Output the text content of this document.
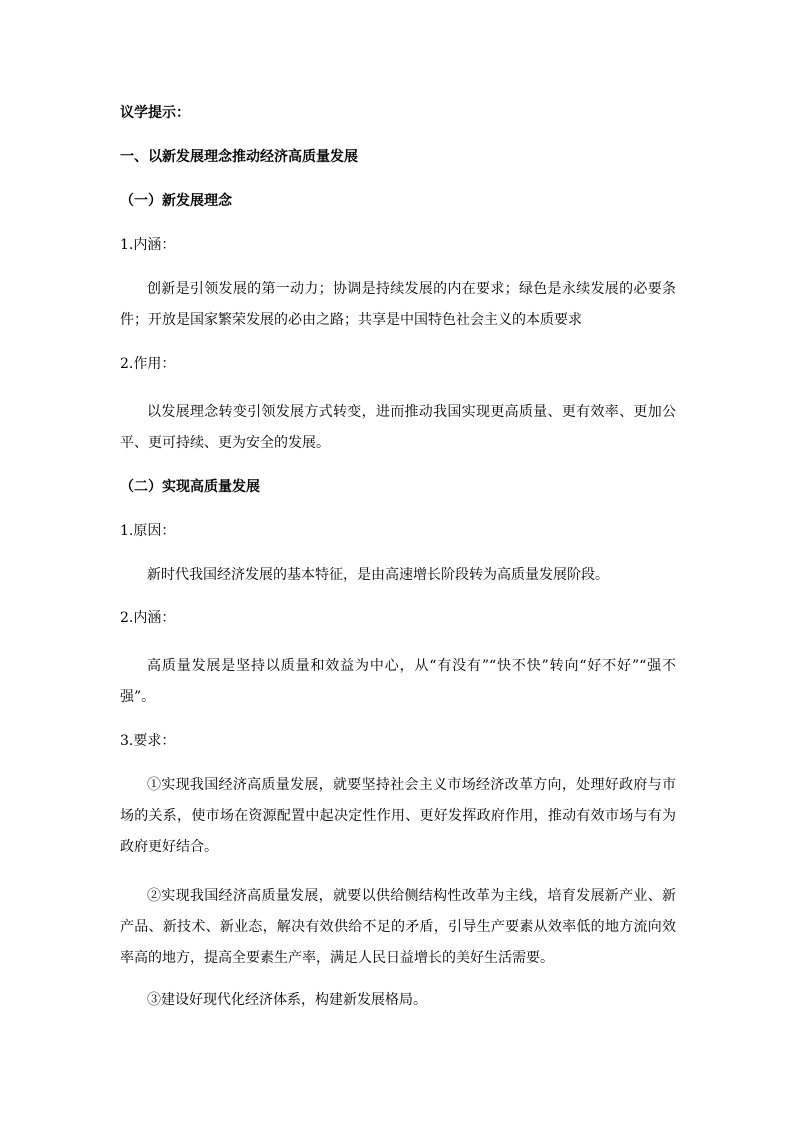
议学提示：
一、以新发展理念推动经济高质量发展
（一）新发展理念
1.内涵：
创新是引领发展的第一动力；协调是持续发展的内在要求；绿色是永续发展的必要条件；开放是国家繁荣发展的必由之路；共享是中国特色社会主义的本质要求
2.作用：
以发展理念转变引领发展方式转变，进而推动我国实现更高质量、更有效率、更加公平、更可持续、更为安全的发展。
（二）实现高质量发展
1.原因：
新时代我国经济发展的基本特征，是由高速增长阶段转为高质量发展阶段。
2.内涵：
高质量发展是坚持以质量和效益为中心，从“有没有”“快不快”转向“好不好”“强不强”。
3.要求：
①实现我国经济高质量发展，就要坚持社会主义市场经济改革方向，处理好政府与市场的关系，使市场在资源配置中起决定性作用、更好发挥政府作用，推动有效市场与有为政府更好结合。
②实现我国经济高质量发展，就要以供给侧结构性改革为主线，培育发展新产业、新产品、新技术、新业态，解决有效供给不足的矛盾，引导生产要素从效率低的地方流向效率高的地方，提高全要素生产率，满足人民日益增长的美好生活需要。
③建设好现代化经济体系，构建新发展格局。
